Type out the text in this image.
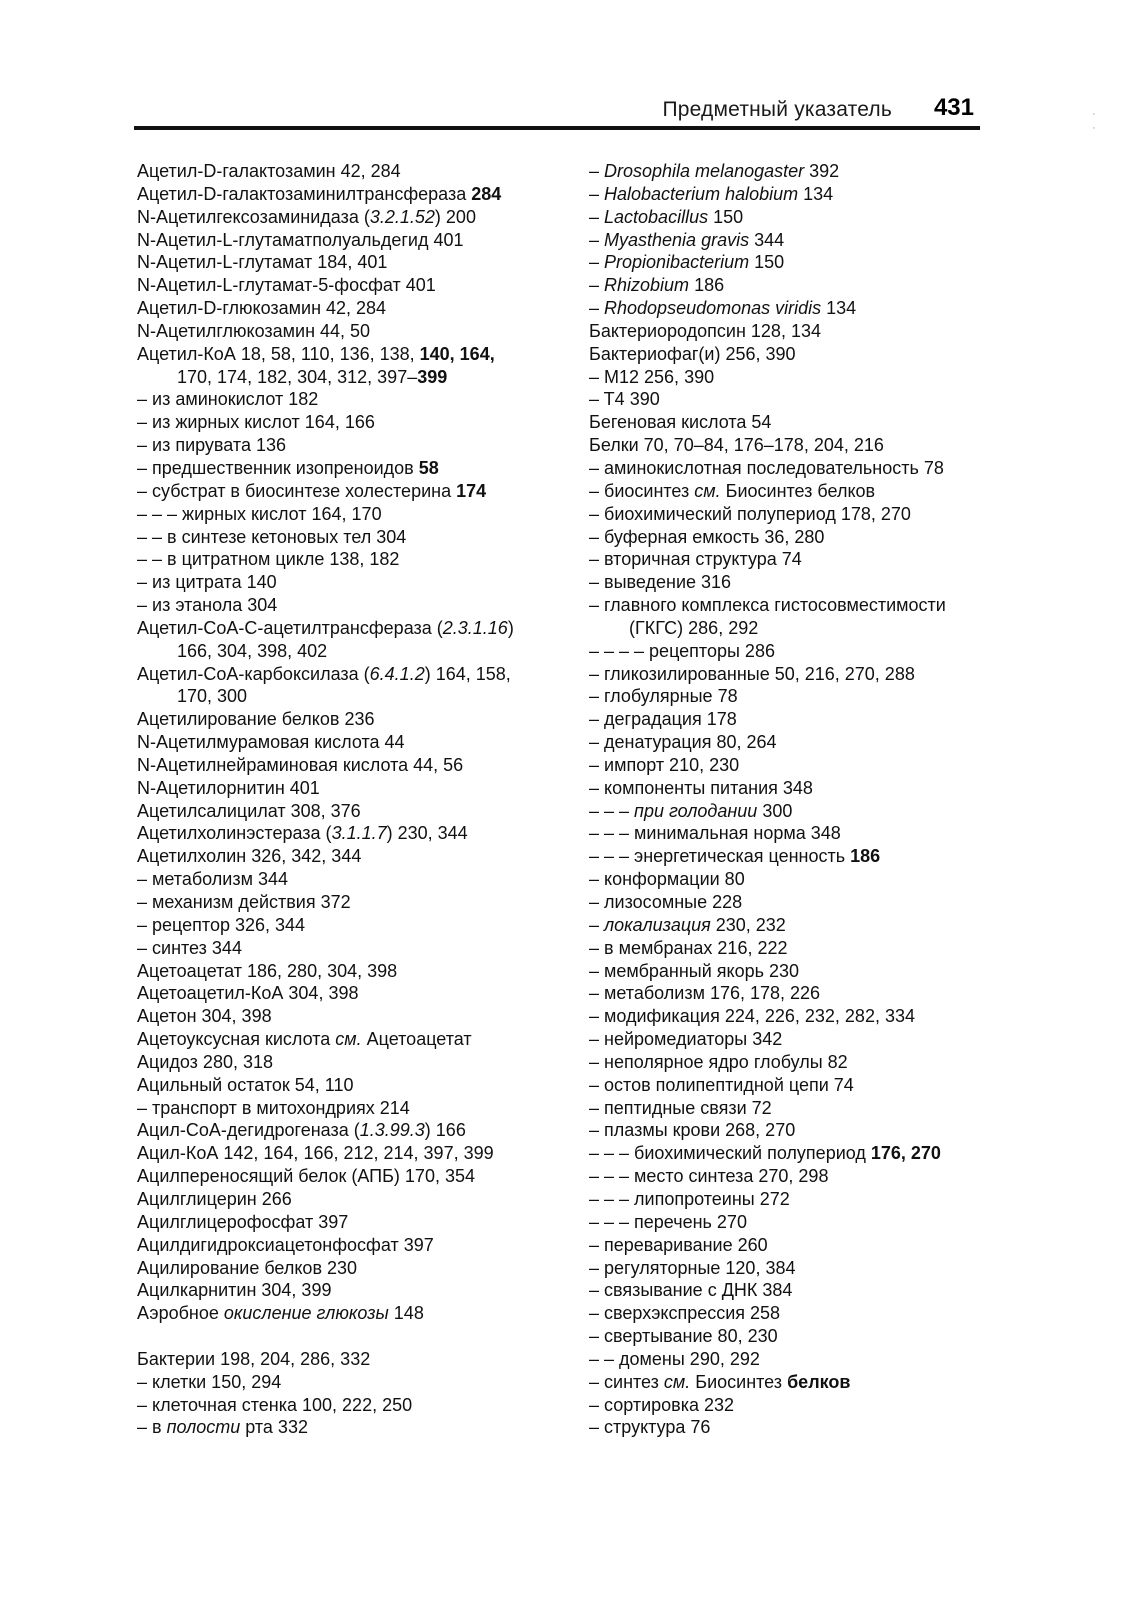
Предметный указатель 431
Ацетил-D-галактозамин 42, 284
Ацетил-D-галактозаминилтрансфераза 284
N-Ацетилгексозаминидаза (3.2.1.52) 200
N-Ацетил-L-глутаматполуальдегид 401
N-Ацетил-L-глутамат 184, 401
N-Ацетил-L-глутамат-5-фосфат 401
Ацетил-D-глюкозамин 42, 284
N-Ацетилглюкозамин 44, 50
Ацетил-КоА 18, 58, 110, 136, 138, 140, 164,
170, 174, 182, 304, 312, 397–399
– из аминокислот 182
– из жирных кислот 164, 166
– из пирувата 136
– предшественник изопреноидов 58
– субстрат в биосинтезе холестерина 174
– – – жирных кислот 164, 170
– – в синтезе кетоновых тел 304
– – в цитратном цикле 138, 182
– из цитрата 140
– из этанола 304
Ацетил-СоА-С-ацетилтрансфераза (2.3.1.16)
166, 304, 398, 402
Ацетил-СоА-карбоксилаза (6.4.1.2) 164, 158,
170, 300
Ацетилирование белков 236
N-Ацетилмурамовая кислота 44
N-Ацетилнейраминовая кислота 44, 56
N-Ацетилорнитин 401
Ацетилсалицилат 308, 376
Ацетилхолинэстераза (3.1.1.7) 230, 344
Ацетилхолин 326, 342, 344
– метаболизм 344
– механизм действия 372
– рецептор 326, 344
– синтез 344
Ацетоацетат 186, 280, 304, 398
Ацетоацетил-КоА 304, 398
Ацетон 304, 398
Ацетоуксусная кислота см. Ацетоацетат
Ацидоз 280, 318
Ацильный остаток 54, 110
– транспорт в митохондриях 214
Ацил-СоА-дегидрогеназа (1.3.99.3) 166
Ацил-КоА 142, 164, 166, 212, 214, 397, 399
Ацилпереносящий белок (АПБ) 170, 354
Ацилглицерин 266
Ацилглицерофосфат 397
Ацилдигидроксиацетонфосфат 397
Ацилирование белков 230
Ацилкарнитин 304, 399
Аэробное окисление глюкозы 148
Бактерии 198, 204, 286, 332
– клетки 150, 294
– клеточная стенка 100, 222, 250
– в полости рта 332
– Drosophila melanogaster 392
– Halobacterium halobium 134
– Lactobacillus 150
– Myasthenia gravis 344
– Propionibacterium 150
– Rhizobium 186
– Rhodopseudomonas viridis 134
Бактериородопсин 128, 134
Бактериофаг(и) 256, 390
– M12 256, 390
– T4 390
Бегеновая кислота 54
Белки 70, 70–84, 176–178, 204, 216
– аминокислотная последовательность 78
– биосинтез см. Биосинтез белков
– биохимический полупериод 178, 270
– буферная емкость 36, 280
– вторичная структура 74
– выведение 316
– главного комплекса гистосовместимости
(ГКГС) 286, 292
– – – – рецепторы 286
– гликозилированные 50, 216, 270, 288
– глобулярные 78
– деградация 178
– денатурация 80, 264
– импорт 210, 230
– компоненты питания 348
– – – при голодании 300
– – – минимальная норма 348
– – – энергетическая ценность 186
– конформации 80
– лизосомные 228
– локализация 230, 232
– в мембранах 216, 222
– мембранный якорь 230
– метаболизм 176, 178, 226
– модификация 224, 226, 232, 282, 334
– нейромедиаторы 342
– неполярное ядро глобулы 82
– остов полипептидной цепи 74
– пептидные связи 72
– плазмы крови 268, 270
– – – биохимический полупериод 176, 270
– – – место синтеза 270, 298
– – – липопротеины 272
– – – перечень 270
– переваривание 260
– регуляторные 120, 384
– связывание с ДНК 384
– сверхэкспрессия 258
– свертывание 80, 230
– – домены 290, 292
– синтез см. Биосинтез белков
– сортировка 232
– структура 76
·
·
